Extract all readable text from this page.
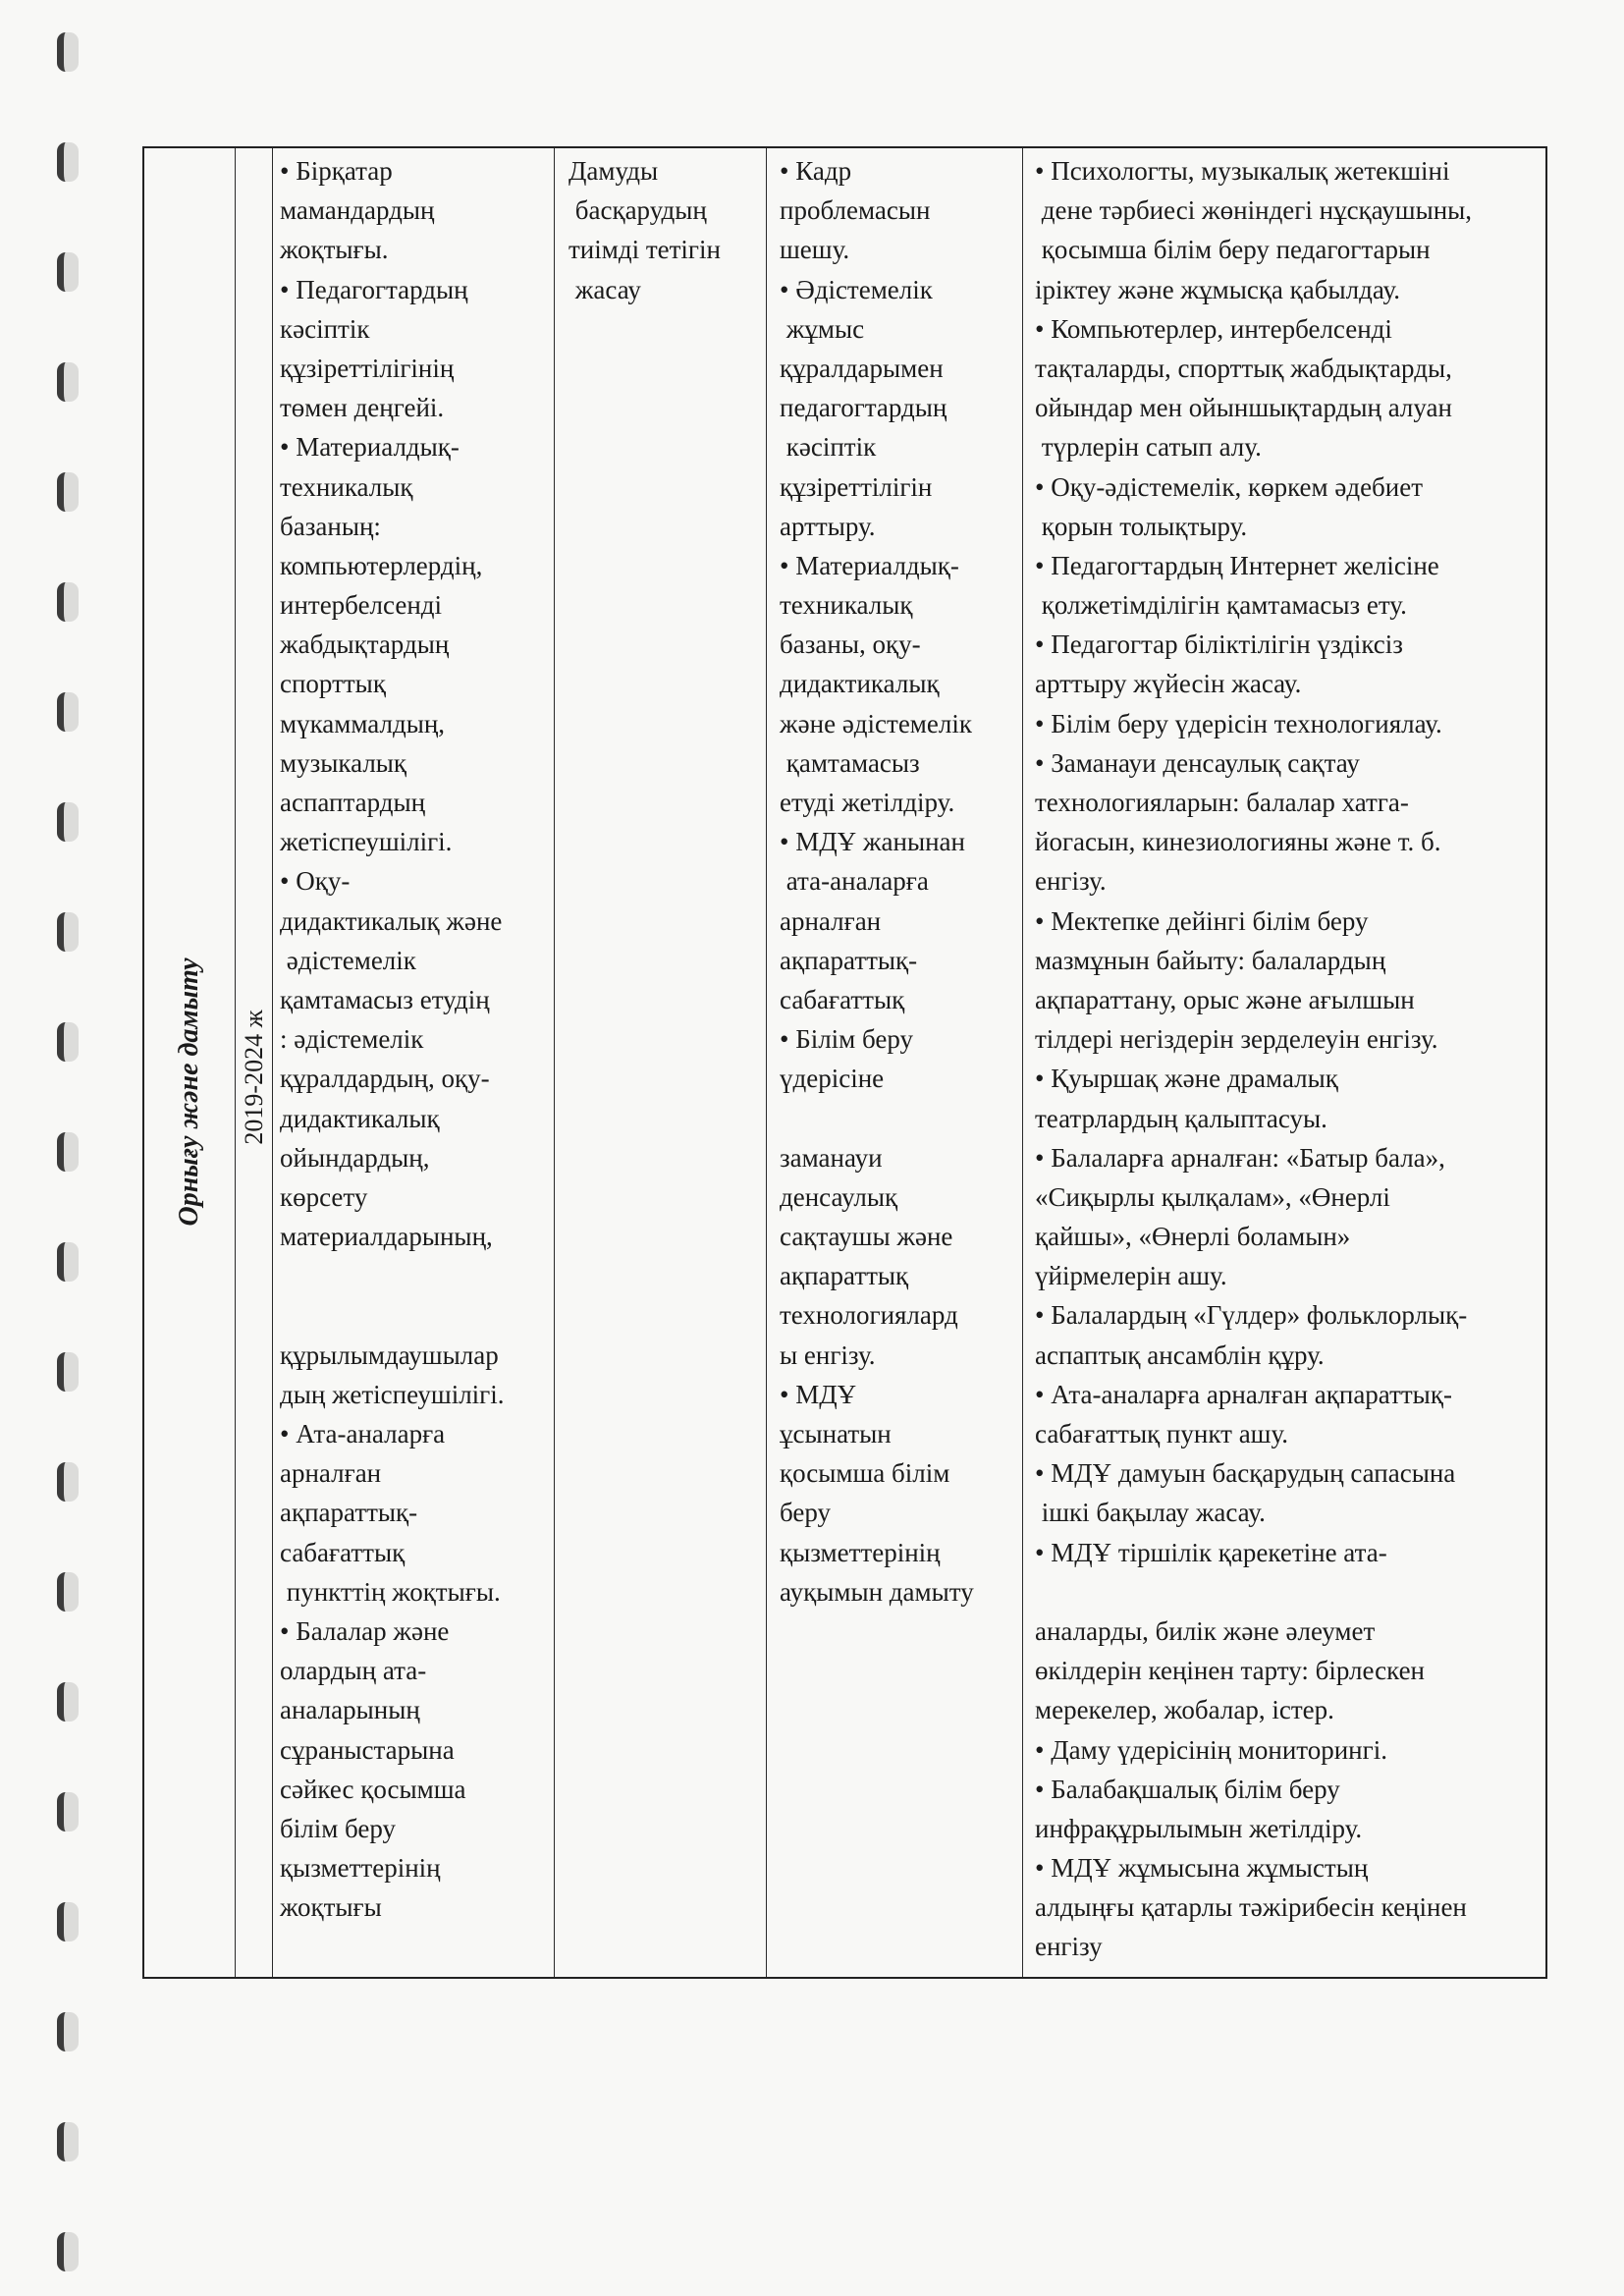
Орнығу және дамыту 2019-2024 ж
• Бірқатар
мамандардың
жоқтығы.
• Педагогтардың
кәсіптік
құзіреттілігінің
төмен деңгейі.
• Материалдық-
техникалық
базаның:
компьютерлердің,
интербелсенді
жабдықтардың
спорттық
мүкаммалдың,
музыкалық
аспаптардың
жетіспеушілігі.
• Оқу-
дидактикалық және
әдістемелік
қамтамасыз етудің
: әдістемелік
құралдардың, оқу-
дидактикалық
ойындардың,
көрсету
материалдарының,
құрылымдаушылар
дың жетіспеушілігі.
• Ата-аналарға
арналған
ақпараттық-
сабағаттық
пункттің жоқтығы.
• Балалар және
олардың ата-
аналарының
сұраныстарына
сәйкес қосымша
білім беру
қызметтерінің
жоқтығы
Дамуды
басқарудың
тиімді тетігін
жасау
• Кадр
проблемасын
шешу.
• Әдістемелік
жұмыс
құралдарымен
педагогтардың
кәсіптік
құзіреттілігін
арттыру.
• Материалдық-
техникалық
базаны, оқу-
дидактикалық
және әдістемелік
қамтамасыз
етуді жетілдіру.
• МДҰ жанынан
ата-аналарға
арналған
ақпараттық-
сабағаттық
• Білім беру
үдерісіне
заманауи
денсаулық
сақтаушы және
ақпараттық
технологиялард
ы енгізу.
• МДҰ
ұсынатын
қосымша білім
беру
қызметтерінің
ауқымын дамыту
• Психологты, музыкалық жетекшіні
дене тәрбиесі жөніндегі нұсқаушыны,
қосымша білім беру педагогтарын
іріктеу және жұмысқа қабылдау.
• Компьютерлер, интербелсенді
тақталарды, спорттық жабдықтарды,
ойындар мен ойыншықтардың алуан
түрлерін сатып алу.
• Оқу-әдістемелік, көркем әдебиет
қорын толықтыру.
• Педагогтардың Интернет желісіне
қолжетімділігін қамтамасыз ету.
• Педагогтар біліктілігін үздіксіз
арттыру жүйесін жасау.
• Білім беру үдерісін технологиялау.
• Заманауи денсаулық сақтау
технологияларын: балалар хатга-
йогасын, кинезиологияны және т. б.
енгізу.
• Мектепке дейінгі білім беру
мазмұнын байыту: балалардың
ақпараттану, орыс және ағылшын
тілдері негіздерін зерделеуін енгізу.
• Қуыршақ және драмалық
театрлардың қалыптасуы.
• Балаларға арналған: «Батыр бала»,
«Сиқырлы қылқалам», «Өнерлі
қайшы», «Өнерлі боламын»
үйірмелерін ашу.
• Балалардың «Гүлдер» фольклорлық-
аспаптық ансамблін құру.
• Ата-аналарға арналған ақпараттық-
сабағаттық пункт ашу.
• МДҰ дамуын басқарудың сапасына
ішкі бақылау жасау.
• МДҰ тіршілік қарекетіне ата-
аналарды, билік және әлеумет
өкілдерін кеңінен тарту: бірлескен
мерекелер, жобалар, істер.
• Даму үдерісінің мониторингі.
• Балабақшалық білім беру
инфрақұрылымын жетілдіру.
• МДҰ жұмысына жұмыстың
алдыңғы қатарлы тәжірибесін кеңінен
енгізу
